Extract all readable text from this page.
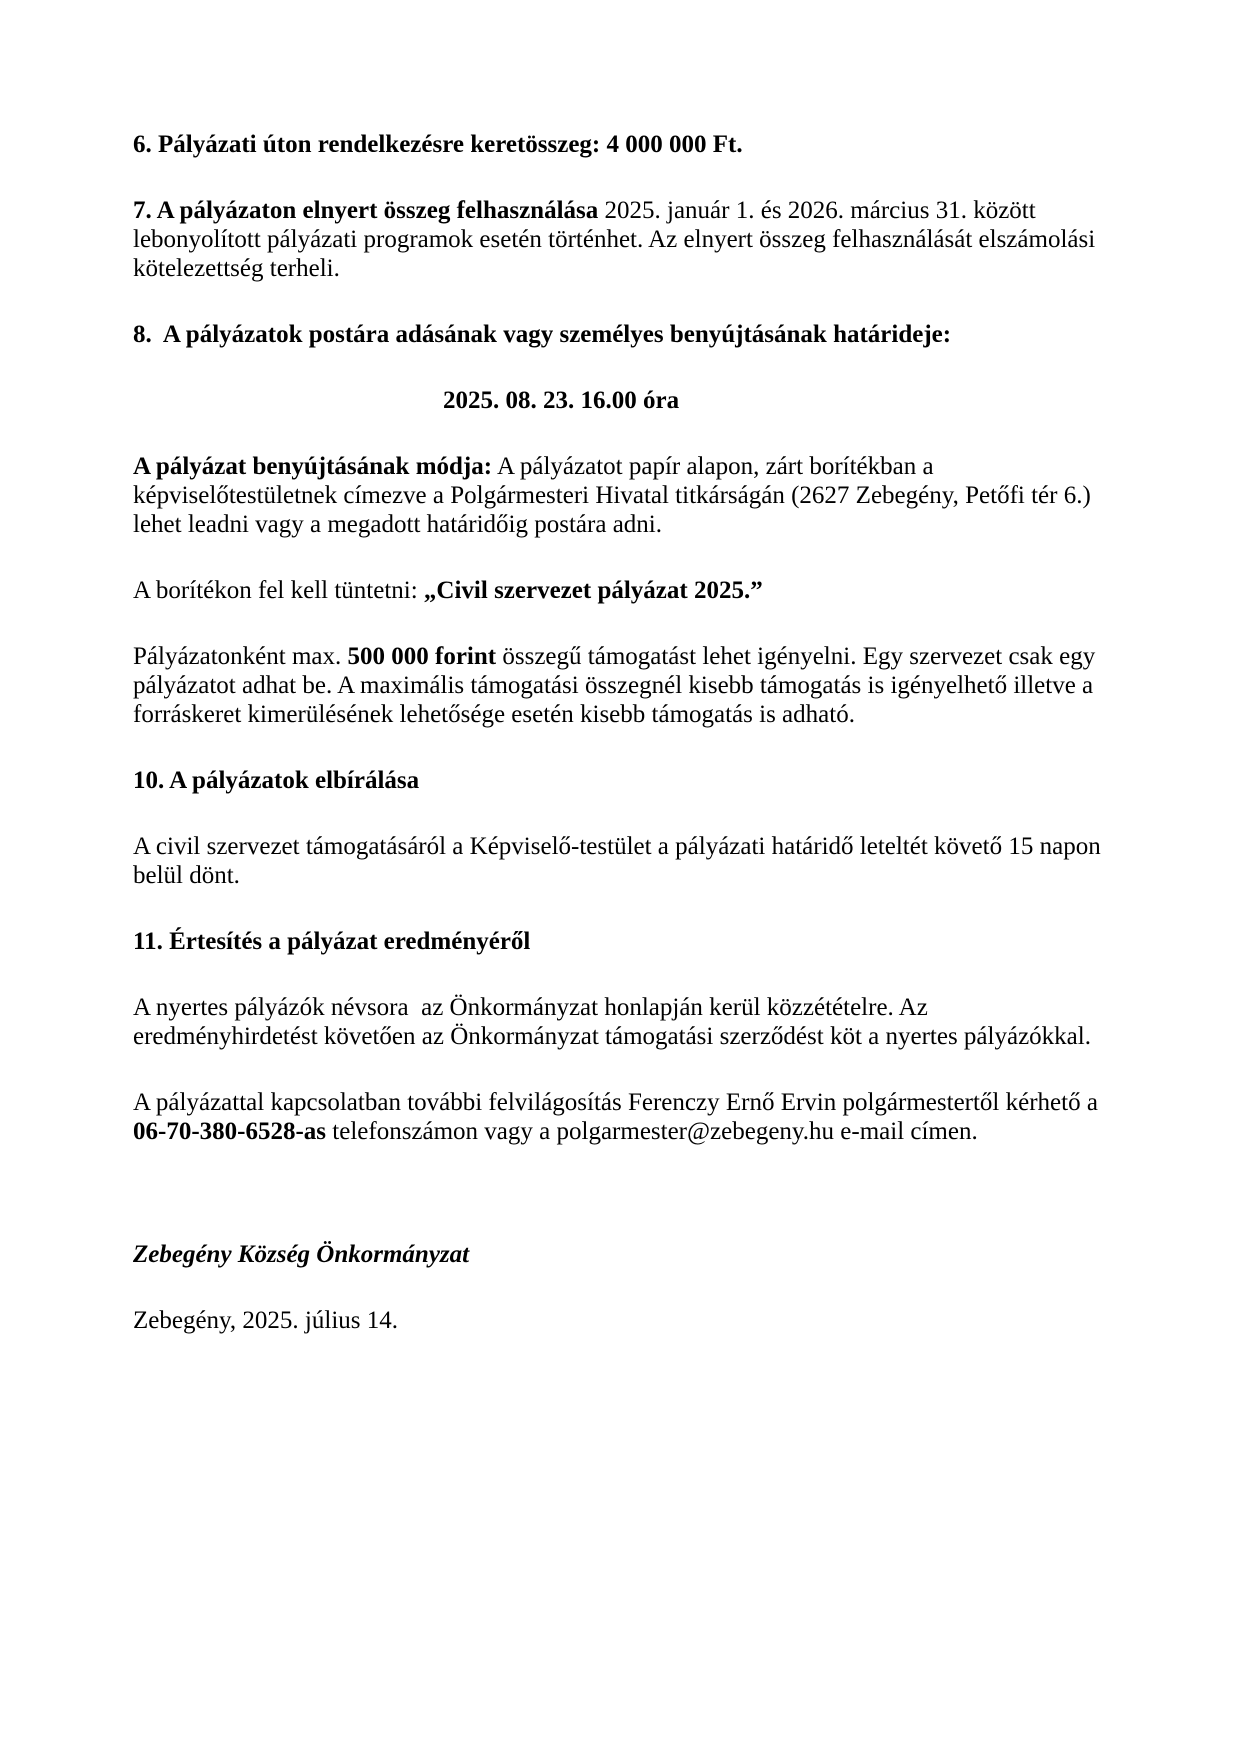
6. Pályázati úton rendelkezésre keretösszeg: 4 000 000 Ft.

7. A pályázaton elnyert összeg felhasználása 2025. január 1. és 2026. március 31. között lebonyolított pályázati programok esetén történhet. Az elnyert összeg felhasználását elszámolási kötelezettség terheli.

8.  A pályázatok postára adásának vagy személyes benyújtásának határideje:

2025. 08. 23. 16.00 óra

A pályázat benyújtásának módja: A pályázatot papír alapon, zárt borítékban a képviselőtestületnek címezve a Polgármesteri Hivatal titkárságán (2627 Zebegény, Petőfi tér 6.) lehet leadni vagy a megadott határidőig postára adni.

A borítékon fel kell tüntetni: „Civil szervezet pályázat 2025.”

Pályázatonként max. 500 000 forint összegű támogatást lehet igényelni. Egy szervezet csak egy pályázatot adhat be. A maximális támogatási összegnél kisebb támogatás is igényelhető illetve a forráskeret kimerülésének lehetősége esetén kisebb támogatás is adható.

10. A pályázatok elbírálása

A civil szervezet támogatásáról a Képviselő-testület a pályázati határidő leteltét követő 15 napon belül dönt.

11. Értesítés a pályázat eredményéről

A nyertes pályázók névsora  az Önkormányzat honlapján kerül közzétételre. Az eredményhirdetést követően az Önkormányzat támogatási szerződést köt a nyertes pályázókkal.

A pályázattal kapcsolatban további felvilágosítás Ferenczy Ernő Ervin polgármestertől kérhető a 06-70-380-6528-as telefonszámon vagy a polgarmester@zebegeny.hu e-mail címen.

Zebegény Község Önkormányzat

Zebegény, 2025. július 14.
